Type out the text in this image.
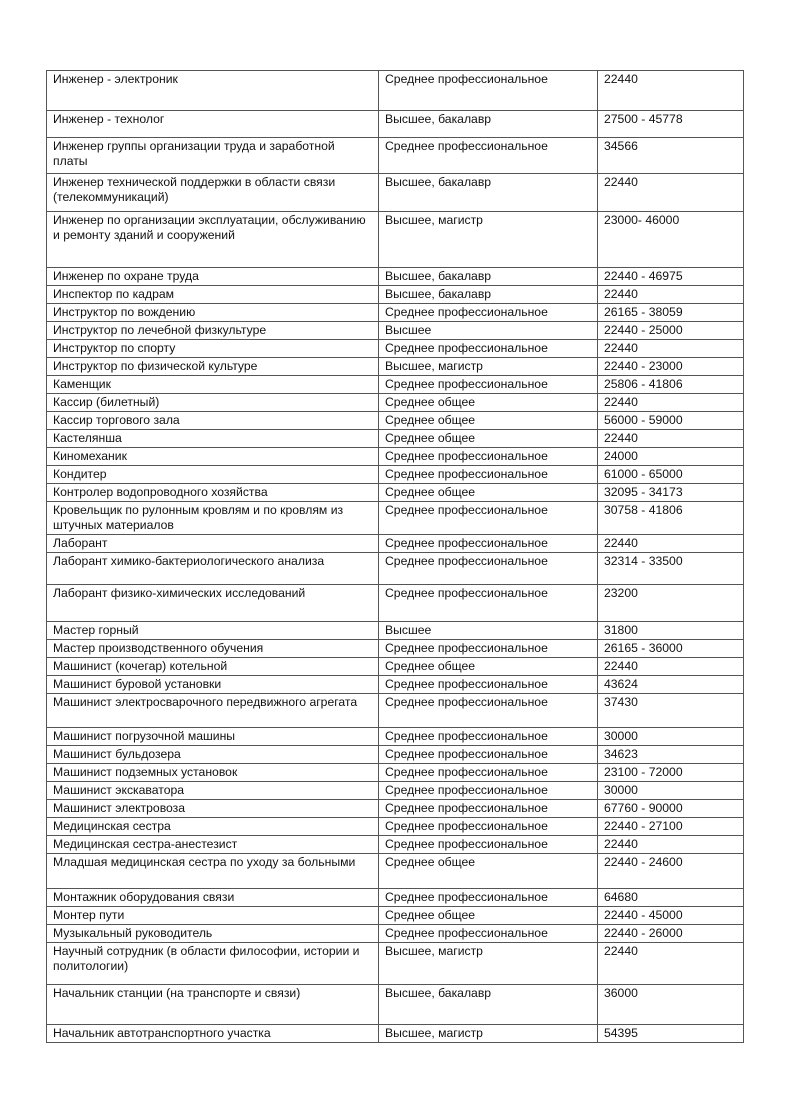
Инженер - электроник	Среднее профессиональное	22440
Инженер - технолог	Высшее, бакалавр	27500 - 45778
Инженер группы организации труда и заработной платы	Среднее профессиональное	34566
Инженер технической поддержки в области связи (телекоммуникаций)	Высшее, бакалавр	22440
Инженер по организации эксплуатации, обслуживанию и ремонту зданий и сооружений	Высшее, магистр	23000- 46000
Инженер по охране труда	Высшее, бакалавр	22440 - 46975
Инспектор по кадрам	Высшее, бакалавр	22440
Инструктор по вождению	Среднее профессиональное	26165 - 38059
Инструктор по лечебной физкультуре	Высшее	22440 - 25000
Инструктор по спорту	Среднее профессиональное	22440
Инструктор по физической культуре	Высшее, магистр	22440 - 23000
Каменщик	Среднее профессиональное	25806 - 41806
Кассир (билетный)	Среднее общее	22440
Кассир торгового зала	Среднее общее	56000 - 59000
Кастелянша	Среднее общее	22440
Киномеханик	Среднее профессиональное	24000
Кондитер	Среднее профессиональное	61000 - 65000
Контролер водопроводного хозяйства	Среднее общее	32095 - 34173
Кровельщик по рулонным кровлям и по кровлям из штучных материалов	Среднее профессиональное	30758 - 41806
Лаборант	Среднее профессиональное	22440
Лаборант химико-бактериологического анализа	Среднее профессиональное	32314 - 33500
Лаборант физико-химических исследований	Среднее профессиональное	23200
Мастер горный	Высшее	31800
Мастер производственного обучения	Среднее профессиональное	26165 - 36000
Машинист (кочегар) котельной	Среднее общее	22440
Машинист буровой установки	Среднее профессиональное	43624
Машинист электросварочного передвижного агрегата	Среднее профессиональное	37430
Машинист погрузочной машины	Среднее профессиональное	30000
Машинист бульдозера	Среднее профессиональное	34623
Машинист подземных установок	Среднее профессиональное	23100 - 72000
Машинист экскаватора	Среднее профессиональное	30000
Машинист электровоза	Среднее профессиональное	67760 - 90000
Медицинская сестра	Среднее профессиональное	22440 - 27100
Медицинская сестра-анестезист	Среднее профессиональное	22440
Младшая медицинская сестра по уходу за больными	Среднее общее	22440 - 24600
Монтажник оборудования связи	Среднее профессиональное	64680
Монтер пути	Среднее общее	22440 - 45000
Музыкальный руководитель	Среднее профессиональное	22440 - 26000
Научный сотрудник (в области философии, истории и политологии)	Высшее, магистр	22440
Начальник станции (на транспорте и связи)	Высшее, бакалавр	36000
Начальник автотранспортного участка	Высшее, магистр	54395
